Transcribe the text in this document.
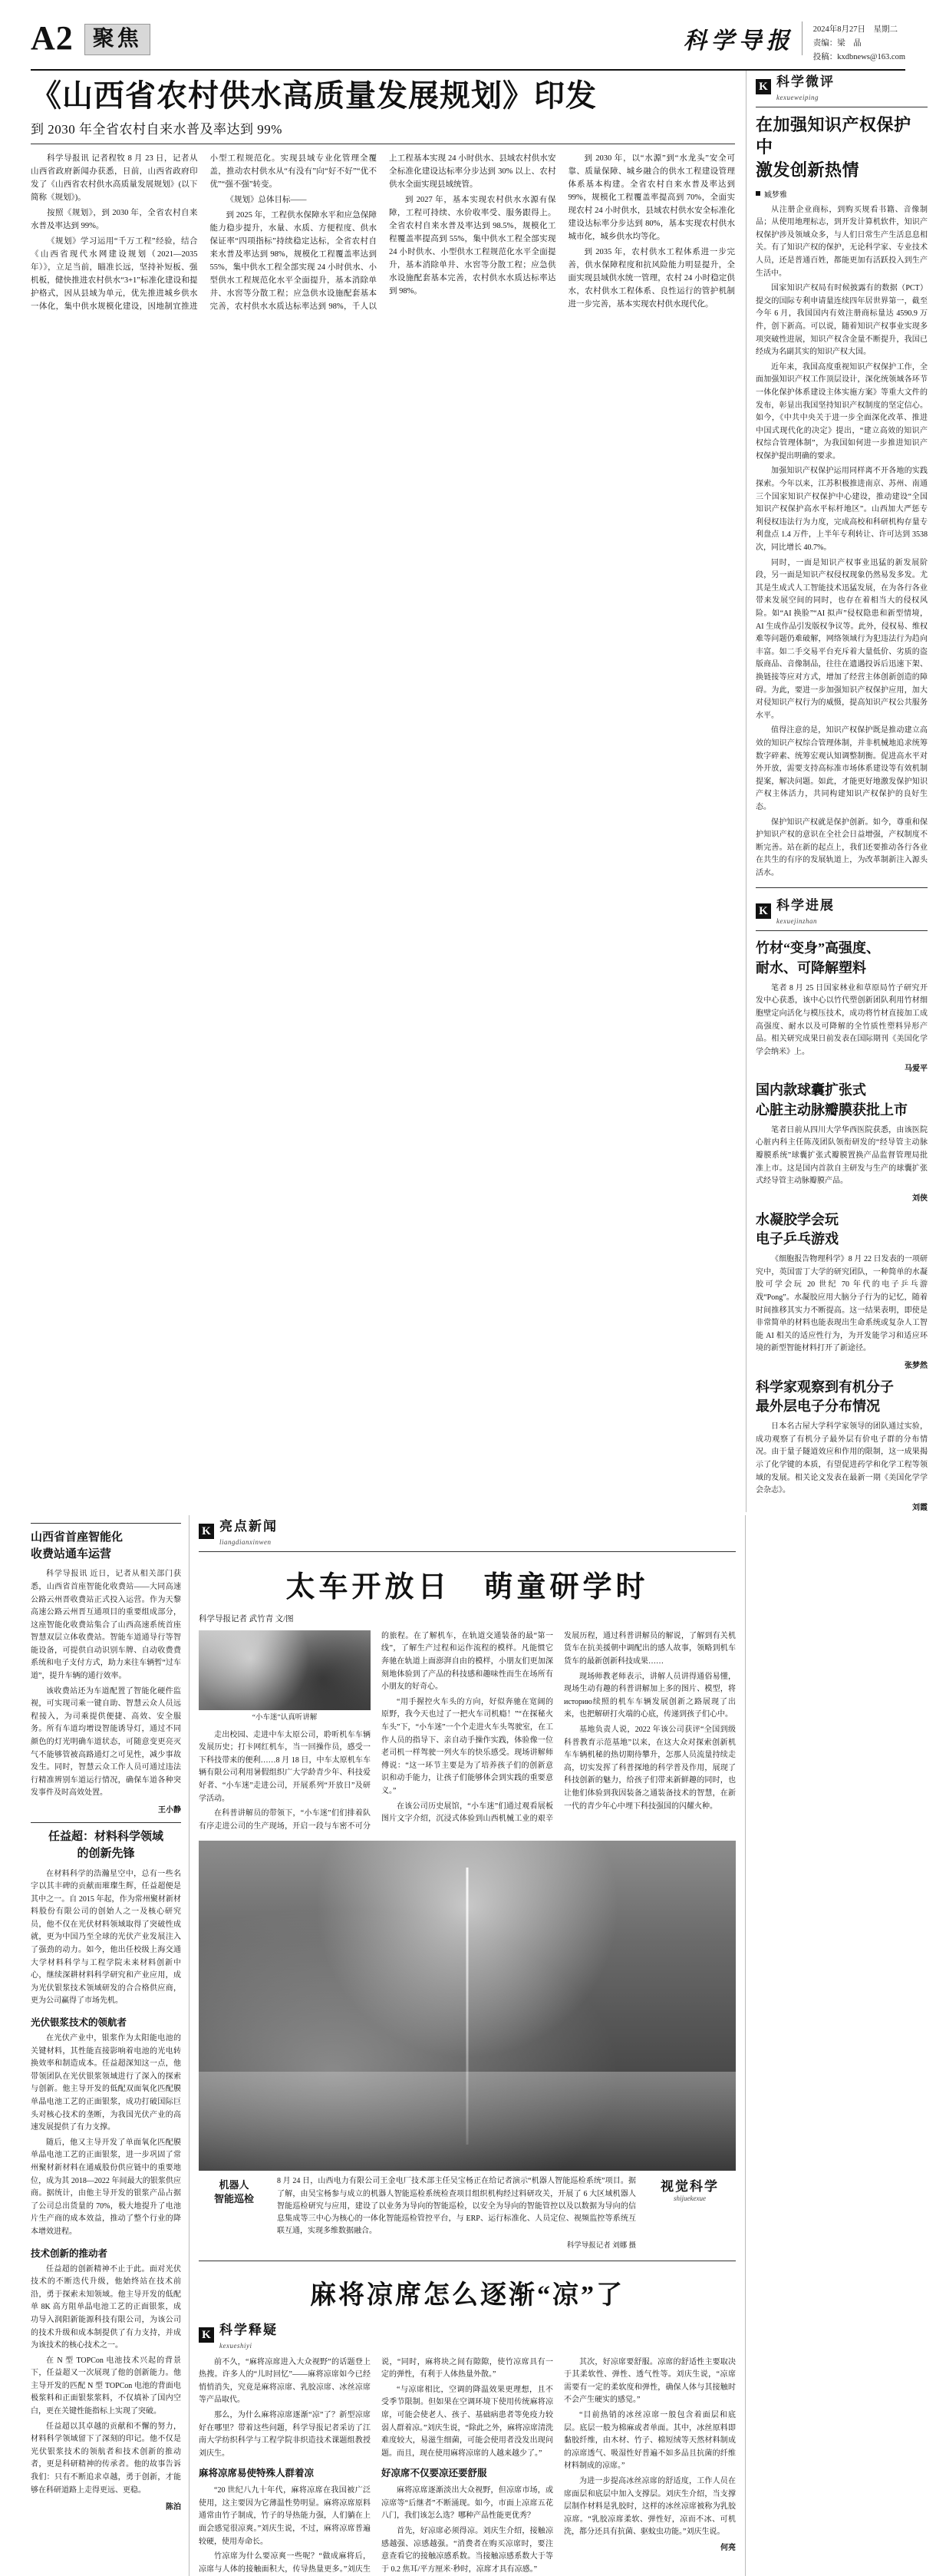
A2 聚焦	科学导报	2024年8月27日　星期二
责编：梁　晶
投稿：kxdbnews@163.com
《山西省农村供水高质量发展规划》印发
到 2030 年全省农村自来水普及率达到 99%

科学导报讯 记者程牧 8 月 23 日，记者从山西省政府新闻办获悉，日前，山西省政府印发了《山西省农村供水高质量发展规划》(以下简称《规划》)。

按照《规划》，到 2030 年，全省农村自来水普及率达到 99%。

《规划》学习运用“千万工程”经验，结合《山西省现代水网建设规划（2021—2035 年）》，立足当前，瞄准长远，坚持补短板、强机板，健快推进农村供水“3+1”标准化建设和提护格式，因从县域为单元，优先推进城乡供水一体化，集中供水规模化建设，因地制宜推进小型工程规范化。实现县域专业化管理全覆盖，推动农村供水从“有没有”向“好不好”“优不优”“强不强”转变。

《规划》总体目标——

到 2025 年，工程供水保障水平和应急保障能力稳步提升，水量、水质、方便程度、供水保证率“四项指标”持续稳定达标，全省农村自来水普及率达到 98%，规模化工程覆盖率达到 55%，集中供水工程全部实现 24 小时供水、小型供水工程规范化水平全面提升，基本消除单井、水窖等分散工程；应急供水设施配套基本完善，农村供水水质达标率达到 98%，千人以上工程基本实现 24 小时供水、县域农村供水安全标准化建设达标率分步达到 30% 以上、农村供水全面实现县域统管。

到 2027 年，基本实现农村供水水源有保障，工程可持续、水价收率受、服务跟得上。全省农村自来水普及率达到 98.5%，规模化工程覆盖率提高到 55%，集中供水工程全部实现 24 小时供水、小型供水工程规范化水平全面提升，基本消除单井、水窖等分散工程；应急供水设施配套基本完善，农村供水水质达标率达到 98%。

到 2030 年，以“水源”到“水龙头”安全可靠、质量保障、城乡融合的供水工程建设管理体系基本构建。全省农村自来水普及率达到 99%，规模化工程覆盖率提高到 70%，全面实现农村 24 小时供水，县域农村供水安全标准化建设达标率分步达到 80%，基本实现农村供水城市化，城乡供水均等化。

到 2035 年，农村供水工程体系进一步完善，供水保障程度和抗风险能力明显提升，全面实现县域供水统一管理，农村 24 小时稳定供水，农村供水工程体系、良性运行的管护机制进一步完善，基本实现农村供水现代化。

K 科学微评
kexueweiping
在加强知识产权保护中
激发创新热情
臧梦雅

从注册企业商标，到购买规看书籍、音像制品；从使用地理标志，到开发计算机软件，知识产权保护涉及领域众多，与人们日常生产生活息息相关。有了知识产权的保护，无论科学家、专业技术人员，还是普通百姓，都能更加有活跃投入到生产生活中。

国家知识产权局有时候披露有的数据（PCT）提交的国际专利申请量连续四年居世界第一，截至今年 6 月，我国国内有效注册商标量达 4590.9 万件，创下新高。可以说，随着知识产权事业实现多项突破性进展，知识产权含金量不断提升，我国已经成为名副其实的知识产权大国。

近年来，我国高度重视知识产权保护工作，全面加强知识产权工作顶层设计，深化统领域各环节一体化保护体系建设主体实施方案》等重大文件的发布，彰显出我国坚持知识产权制度的坚定信心。如今，《中共中央关于进一步全面深化改革、推进中国式现代化的决定》提出，“建立高效的知识产权综合管理体制”，为我国如何进一步推进知识产权保护提出明确的要求。

加强知识产权保护运用同样离不开各地的实践探索。今年以来，江苏积极推进南京、苏州、南通三个国家知识产权保护中心建设，推动建设“全国知识产权保护高水平标杆地区”。山西加大严惩专利侵权违法行为力度，完成高校和科研机构存量专利盘点 1.4 万件，上半年专利转让、许可达到 3538 次，同比增长 40.7%。

同时，一面是知识产权事业迅猛的新发展阶段，另一面是知识产权侵权现象仍然易发多发。尤其是生成式人工智能技术迅猛发展，在为各行各业带来发展空间的同时，也存在着相当大的侵权风险。如“AI 换脸”“AI 拟声”侵权隐患和新型情境，AI 生成作品引发版权争议等。此外，侵权易、维权难等问题仍难破解，网络领域行为犯违法行为趋向丰富。如二手交易平台充斥着大量低价、劣质的盗版商品、音像制品，往往在遗遇投诉后迅速下架、换链接等应对方式，增加了经营主体创新创造的障碍。为此，要进一步加强知识产权保护应用，加大对侵知识产权行为的威慑，提高知识产权公共服务水平。

值得注意的是，知识产权保护既是推动建立高效的知识产权综合管理体制，并非机械地追求统筹数字碎素、统筹宏观认知调整制衡。促进高水平对外开放，需要支持高标准市场体系建设等有效机制提案，解决问题。如此，才能更好地激发保护知识产权主体活力，共同构建知识产权保护的良好生态。

保护知识产权就是保护创新。如今，尊重和保护知识产权的意识在全社会日益增强，产权制度不断完善。站在新的起点上，我们还要推动各行各业在共生的有序的发展轨道上，为改革制新注入源头活水。

K 科学进展
kexuejinzhan
竹材“变身”高强度、
耐水、可降解塑料

笔者 8 月 25 日国家林业和草原局竹子研究开发中心获悉，该中心以竹代塑创新团队利用竹材细胞壁定向活化与模压技术，成功将竹材直接加工成高强度、耐水以及可降解的全竹质性塑料异形产品。相关研究成果日前发表在国际期刊《美国化学学会纳米》上。

马爱平
国内款球囊扩张式
心脏主动脉瓣膜获批上市

笔者日前从四川大学华西医院获悉，由该医院心脏内科主任陈茂团队领衔研发的“经导管主动脉瓣膜系统”球囊扩张式瓣膜置换产品监督管理局批准上市。这是国内首款自主研发与生产的球囊扩张式经导管主动脉瓣膜产品。

刘侠
水凝胶学会玩
电子乒乓游戏

《细胞报告物理科学》8 月 22 日发表的一项研究中，英国雷丁大学的研究团队，一种简单的水凝胶可学会玩 20 世纪 70 年代的电子乒乓游戏“Pong”。水凝胶应用大脑分子行为的记忆，随着时间推移其实力不断提高。这一结果表明，即使是非常简单的材料也能表现出生命系统或复杂人工智能 AI 相关的适应性行为，为开发能学习和适应环境的新型智能材料打开了新途径。

张梦然
科学家观察到有机分子
最外层电子分布情况

日本名古屋大学科学家领导的团队通过实验，成功观察了有机分子最外层有价电子群的分布情况。由于量子隧道效应和作用的限制，这一成果揭示了化学键的本质，有望促进药学和化学工程等领域的发展。相关论文发表在最新一期《美国化学学会杂志》。

刘霞
山西省首座智能化
收费站通车运营

科学导报讯 近日，记者从相关部门获悉，山西省首座智能化收费站——大同高速公路云州晋收费站正式投入运营。作为天黎高速公路云州晋互通项目的重要组成部分，这座智能化收费站集合了山西高速系统首座智慧双层立体收费站。智能车道通导行等智能设备，可提供自动识别车牌、自动收费费系统和电子支付方式，助力来往车辆暂“过车道”，提升车辆的通行效率。

该收费站还为车道配置了智能化硬件监视，可实现司乘一键自助、智慧云众人员远程接入，为司乘提供便捷、高效、安全服务。所有车道均增设智能诱导灯，通过不同颜色的灯光明确车道状态，可随意变更亮灭气不能够管被高路通灯之可见性，减少事故发生。同时，智慧云众工作人员可通过违法行精准辨别车道运行情况，确保车道各种突发事件及时高效处置。

王小静
任益超：材料科学领域
的创新先锋

在材料科学的浩瀚星空中，总有一些名字以其丰碑的贡献而璀璨生辉，任益超便是其中之一。自 2015 年起，作为常州聚材新材料股份有限公司的创始人之一及核心研究员，他不仅在光伏材料领域取得了突破性成就，更为中国乃至全球的光伏产业发展注入了强劲的动力。如今，他出任校级上海交通大学材料科学与工程学院未来材料创新中心，继续深耕材料科学研究和产业应用，成为光伏银浆技术领域研发的合合格供应商，更为公司赢得了市场先机。

光伏银浆技术的领航者

在光伏产业中，银浆作为太阳能电池的关键材料，其性能直接影响着电池的光电转换效率和制造成本。任益超深知这一点，他带领团队在光伏银浆领域进行了深入的探索与创新。他主导开发的低配双面氧化匹配膜单晶电池工艺的正面银浆，成功打破国际巨头对核心技术的垄断，为我国光伏产业的高速发展提供了有力支撑。

随后，他又主导开发了单面氧化匹配膜单晶电池工艺的正面银浆，进一步巩固了常州聚材新材料在通威股份供应链中的重要地位，成为其 2018—2022 年间最大的银浆供应商。据统计，由他主导开发的银浆产品占据了公司总出货量的 70%，极大地提升了电池片生产商的成本效益，推动了整个行业的降本增效进程。

技术创新的推动者

任益超的创新精神不止于此。面对光伏技术的不断迭代升级，他始终站在技术前沿，勇于探索未知领域。他主导开发的低配单 8K 高方阻单晶电池工艺的正面银浆，成功导入润阳新能源科技有限公司，为该公司的技术升级和成本制提供了有力支持，并成为该技术的核心技术之一。

在 N 型 TOPCon 电池技术兴起的背景下，任益超又一次展现了他的创新能力。他主导开发的匹配 N 型 TOPCon 电池的背面电极浆料和正面银浆浆料，不仅填补了国内空白，更在关键性能指标上实现了突破。

任益超以其卓越的贡献和不懈的努力，材料科学领域留下了深刻的印记。他不仅是光伏银浆技术的领航者和技术创新的推动者，更是科研精神的传承者。他的故事告诉我们：只有不断追求卓越，勇于创新，才能够在科研道路上走得更远、更稳。

陈泊
K 亮点新闻
liangdianxinwen
太车开放日　萌童研学时
科学导报记者 武竹青 文/图
“小车迷”认真听讲解

走出校园、走进中车太原公司，聆听机车车辆发展历史；打卡网红机车，当一回操作员，感受一下科技带来的便利……8 月 18 日，中车太原机车车辆有限公司利用暑假组织广大学龄青少年、科技爱好者、“小车迷”走进公司，开展系列“开放日”及研学活动。

在科普讲解员的带领下，“小车迷”们们排着队有序走进公司的生产现场，开启一段与车密不可分的旅程。在了解机车，在轨道交通装备的最“第一线”，了解生产过程和运作流程的模样。凡能惯它奔驰在轨道上面澎湃自由的模样，小朋友们更加深刻地体验到了产品的科技感和趣味性而生在场所有小朋友的好奇心。

“用手握控火车头的方向，好似奔驰在宽阔的原野，我今天也过了一把火车司机瘾！”“在探秘火车头”下，“小车迷”一个个走进火车头驾驶室，在工作人员的指导下、亲自动手操作实践，体验像一位老司机一样驾驶一列火车的快乐感受。现场讲解师傅说：“这一环节主要是为了培养孩子们的创新意识和动手能力，让孩子们能够体会到实践的重要意义。”

在该公司历史展馆，“小车迷”们通过观看展板图片文字介绍，沉浸式体验到山西机械工业的艰辛发展历程，通过科普讲解员的解说，了解到有关机货车在抗美援朝中调配出的感人故事，领略到机车货车的最新创新科技成果……

现场师教老师表示，讲解人员讲得通俗易懂，现场生动有趣的科普讲解加上多的图片、模型，将историю续照的机车车辆发展创新之路展现了出来，也把解研打火端的心底，传递到孩子们心中。

基地负责人说，2022 年该公司获评“全国到级科普教育示范基地”以来，在这大众对探索创新机车车辆机秘的热切期待攀升，怎那人员流量持续走高，切实发挥了科普探地的科学普及作用，展现了科技创新的魅力，给孩子们带来新鲜趣的同时，也让他们体验到我因装备之通装备技术的智慧，在新一代的青少年心中埋下科技强国的闪耀火种。

机器人
智能巡检
8 月 24 日，山西电力有限公司王金电厂技术部主任吴宝杨正在给记者演示“机器人智能巡检系统”项目。据了解，由吴宝杨参与成立的机器人智能巡检系统检查项目组织机构经过料研攻关，开展了 6 大区域机器人智能巡检研究与应用，建设了以业务为导向的智能巡检，以安全为导向的智能管控以及以数据为导向的信息集成等三中心为核心的一体化智能巡检管控平台，与 ERP、运行标准化、人员定位、视频监控等系统互联互通，实现多维数据融合。
科学导报记者 刘娜 摄
视觉科学
shijuekexue
麻将凉席怎么逐渐“凉”了
K 科学释疑
kexueshiyi

前不久，“麻将凉席进入大众视野”的话题登上热搜。许多人的“儿时回忆”——麻将凉席如今已经悄悄消失，究竟是麻将凉席、乳胶凉席、冰丝凉席等产品取代。

那么，为什么麻将凉席逐渐“凉”了？新型凉席好在哪里？带着这些问题，科学导报记者采访了江南大学纺织科学与工程学院非织造技术课题组教授刘庆生。

麻将凉席易使特殊人群着凉

“20 世纪八九十年代，麻将凉席在我国被广泛使用，这主要因为它薄温性势明显。麻将凉席原料通常由竹子制成，竹子的导热能力强，人们躺在上面会感觉很凉爽。”刘庆生说，不过，麻将凉席普遍较硬，使用寿命长。

竹凉席为什么要凉爽一些呢？“做成麻将后，凉席与人体的接触面积大，传导热量更多。”刘庆生说，“同时，麻将块之间有隙隙，使竹凉席具有一定的弹性，有利于人体热量外散。”

“与凉席相比，空调的降温效果更理想，且不受季节限制。但如果在空调环境下使用传统麻将凉席，可能会使老人、孩子、基础病患者等免疫力较弱人群着凉。”刘庆生说，“除此之外，麻将凉席清洗难度较大，易滋生细菌，可能会使用者没发出现问题。而且，现在使用麻将凉席的人越来越少了。”

好凉席不仅要凉还要舒服

麻将凉席逐渐淡出大众视野，但凉席市场，或凉席等“后继者”不断涌现。如今，市面上凉席五花八门，我们该怎么选？哪种产品性能更优秀？

首先，好凉席必须得凉。刘庆生介绍，接触凉感越强、凉感越强。“消费者在购买凉席时，要注意查看它的接触凉感系数。当接触凉感系数大于等于 0.2 焦耳/平方厘米·秒时，凉席才具有凉感。”

其次，好凉席要舒服。凉席的舒适性主要取决于其柔软性、弹性、透气性等。刘庆生说，“凉席需要有一定的柔软度和弹性，确保人体与其接触时不会产生硬实的感觉。”

“目前热销的冰丝凉席一般包含着面层和底层。底层一般为棉麻或者单面。其中，冰丝原料即黏胶纤维，由木材、竹子、棉短绒等天然材料制成的凉席透气、吸湿性好普遍不如多品且抗菌的纤维材料制成的凉席。”

为进一步提高冰丝凉席的舒适度，工作人员在席面层和底层中加入支撑层。刘庆生介绍，当支撑层制作材料是乳胶时，这样的冰丝凉席被称为乳胶凉席。“乳胶凉席柔软、弹性好，凉而不冰、可机洗，都分还具有抗菌、驱蚊虫功能。”刘庆生说。

何亮
